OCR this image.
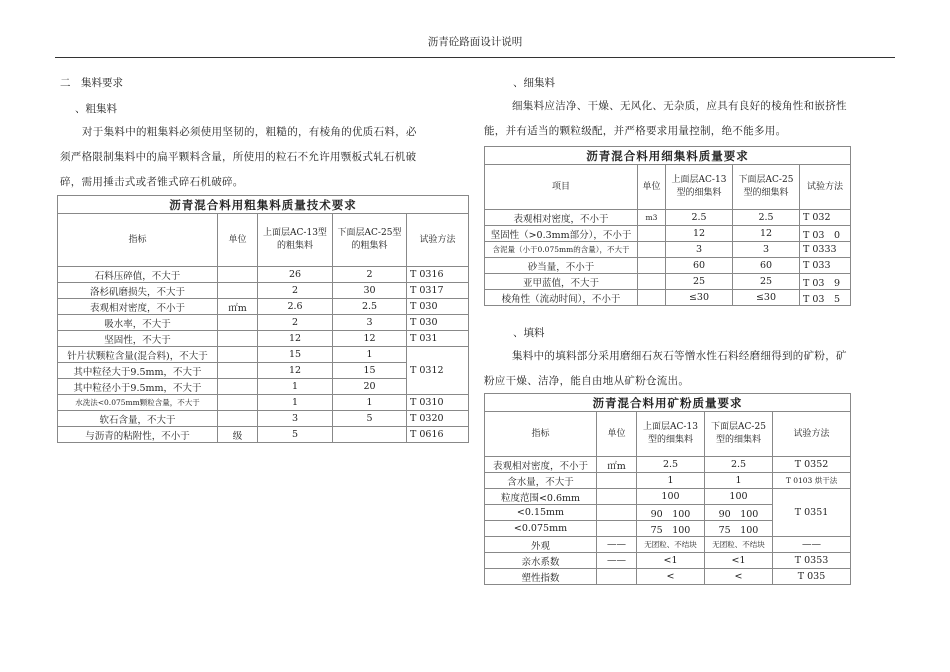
沥青砼路面设计说明
二　集料要求
、粗集料
对于集料中的粗集料必须使用坚韧的，粗糙的，有棱角的优质石料，必
须严格限制集料中的扁平颗料含量，所使用的粒石不允许用颚板式轧石机破
碎，需用捶击式或者锥式碎石机破碎。
沥青混合料用粗集料质量技术要求				
指标	单位	上面层AC-13型的粗集料	下面层AC-25型的粗集料	试验方法
石料压碎值，不大于		26	2	T 0316
洛杉矶磨损失，不大于		2	30	T 0317
表观相对密度，不小于	㎡m	2.6	2.5	T 030
吸水率，不大于		2	3	T 030
坚固性，不大于		12	12	T 031
针片状颗粒含量(混合料)，不大于		15	1	T 0312
其中粒径大于9.5mm，不大于		12	15	
其中粒径小于9.5mm，不大于		1	20	
水洗法<0.075mm颗粒含量，不大于		1	1	T 0310
软石含量，不大于		3	5	T 0320
与沥青的粘附性，不小于	级	5		T 0616
、细集料
细集料应洁净、干燥、无风化、无杂质，应具有良好的棱角性和嵌挤性
能，并有适当的颗粒级配，并严格要求用量控制，绝不能多用。
沥青混合料用细集料质量要求				
项目	单位	上面层AC-13型的细集料	下面层AC-25型的细集料	试验方法
表观相对密度，不小于	m3	2.5	2.5	T 032
坚固性（>0.3mm部分），不小于		12	12	T 03　0
含泥量（小于0.075mm的含量），不大于		3	3	T 0333
砂当量，不小于		60	60	T 033
亚甲蓝值，不大于		25	25	T 03　9
棱角性（流动时间），不小于		≤30	≤30	T 03　5
、填料
集料中的填料部分采用磨细石灰石等憎水性石料经磨细得到的矿粉，矿
粉应干燥、洁净，能自由地从矿粉仓流出。
沥青混合料用矿粉质量要求				
指标	单位	上面层AC-13型的细集料	下面层AC-25型的细集料	试验方法
表观相对密度，不小于	㎡m	2.5	2.5	T 0352
含水量，不大于		1	1	T 0103 烘干法
粒度范围<0.6mm		100	100	T 0351
<0.15mm		90　100	90　100	
<0.075mm		75　100	75　100	
外观	——	无团粒、不结块	无团粒、不结块	——
亲水系数	——	<1	<1	T 0353
塑性指数		<	<	T 035
